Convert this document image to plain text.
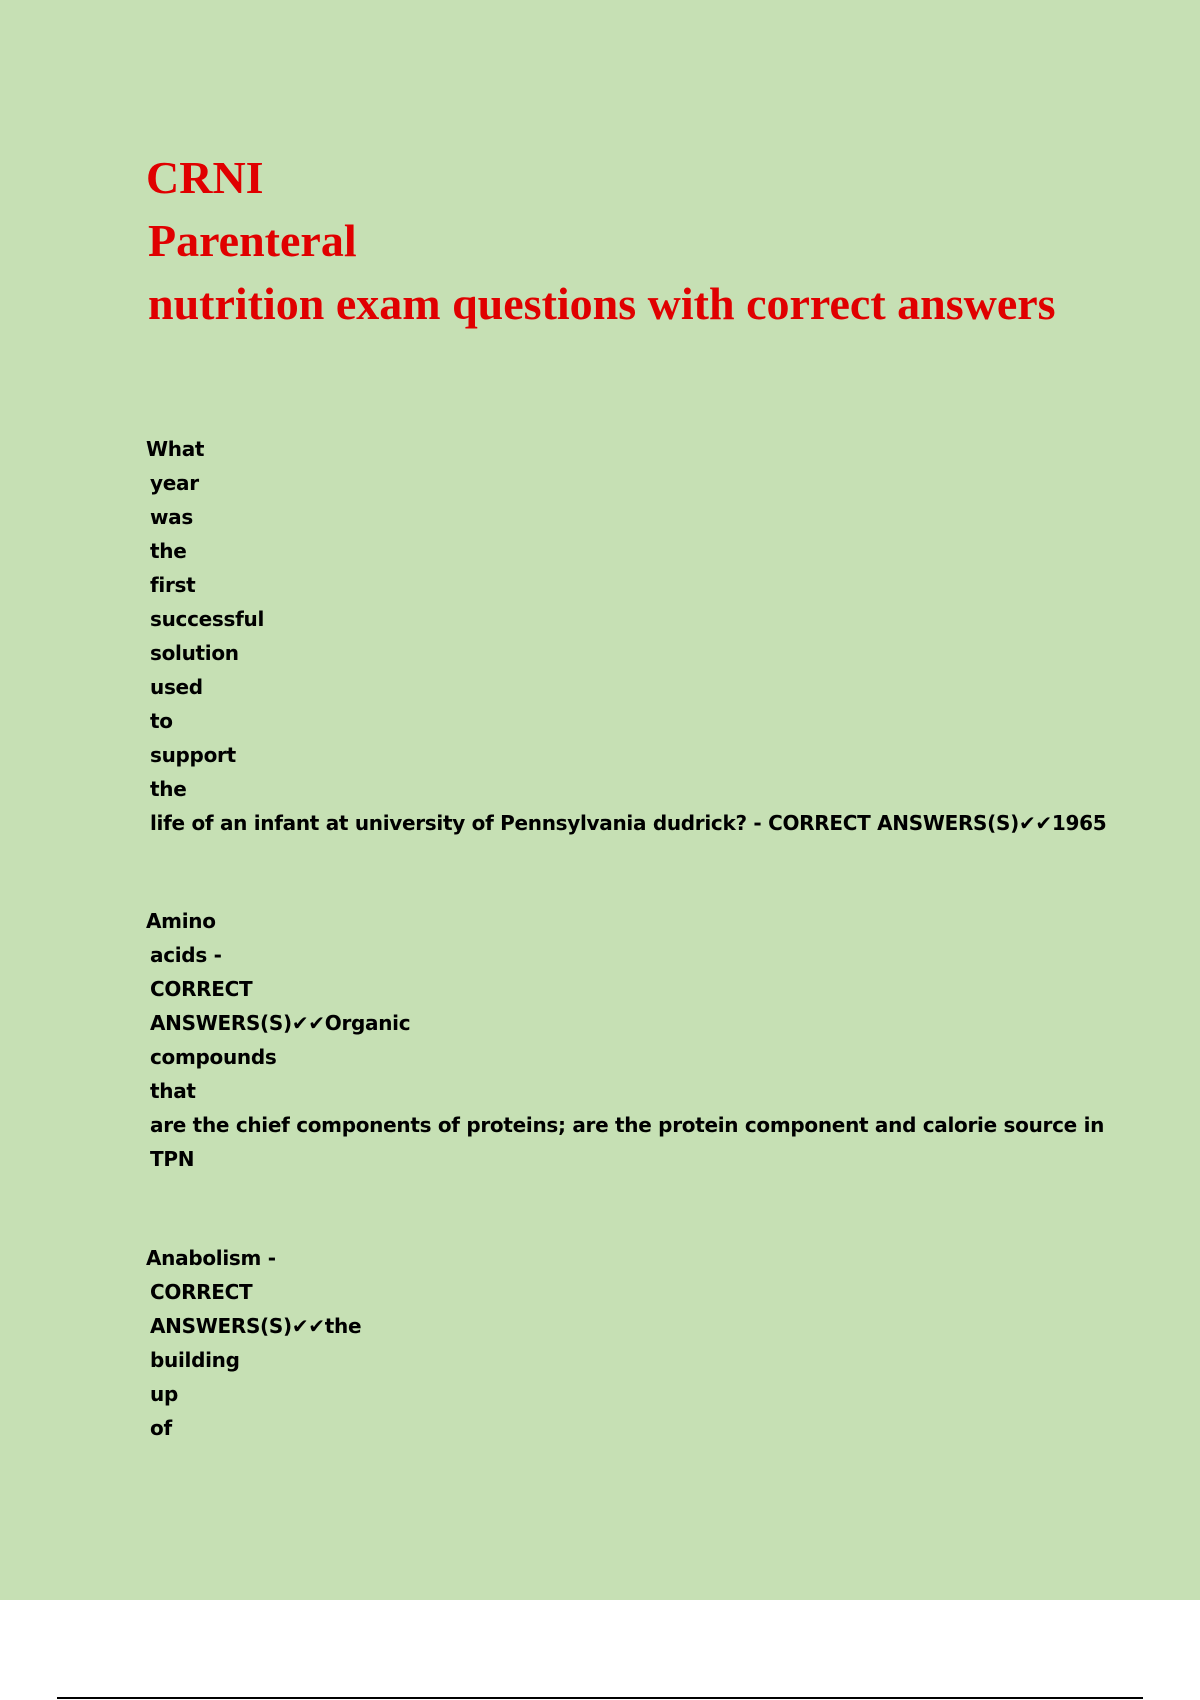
CRNI
Parenteral
nutrition exam questions with correct answers
What
year
was
the
first
successful
solution
used
to
support
the
life of an infant at university of Pennsylvania dudrick? - CORRECT ANSWERS(S)✔✔1965
Amino
acids -
CORRECT
ANSWERS(S)✔✔Organic
compounds
that
are the chief components of proteins; are the protein component and calorie source in
TPN
Anabolism -
CORRECT
ANSWERS(S)✔✔the
building
up
of
